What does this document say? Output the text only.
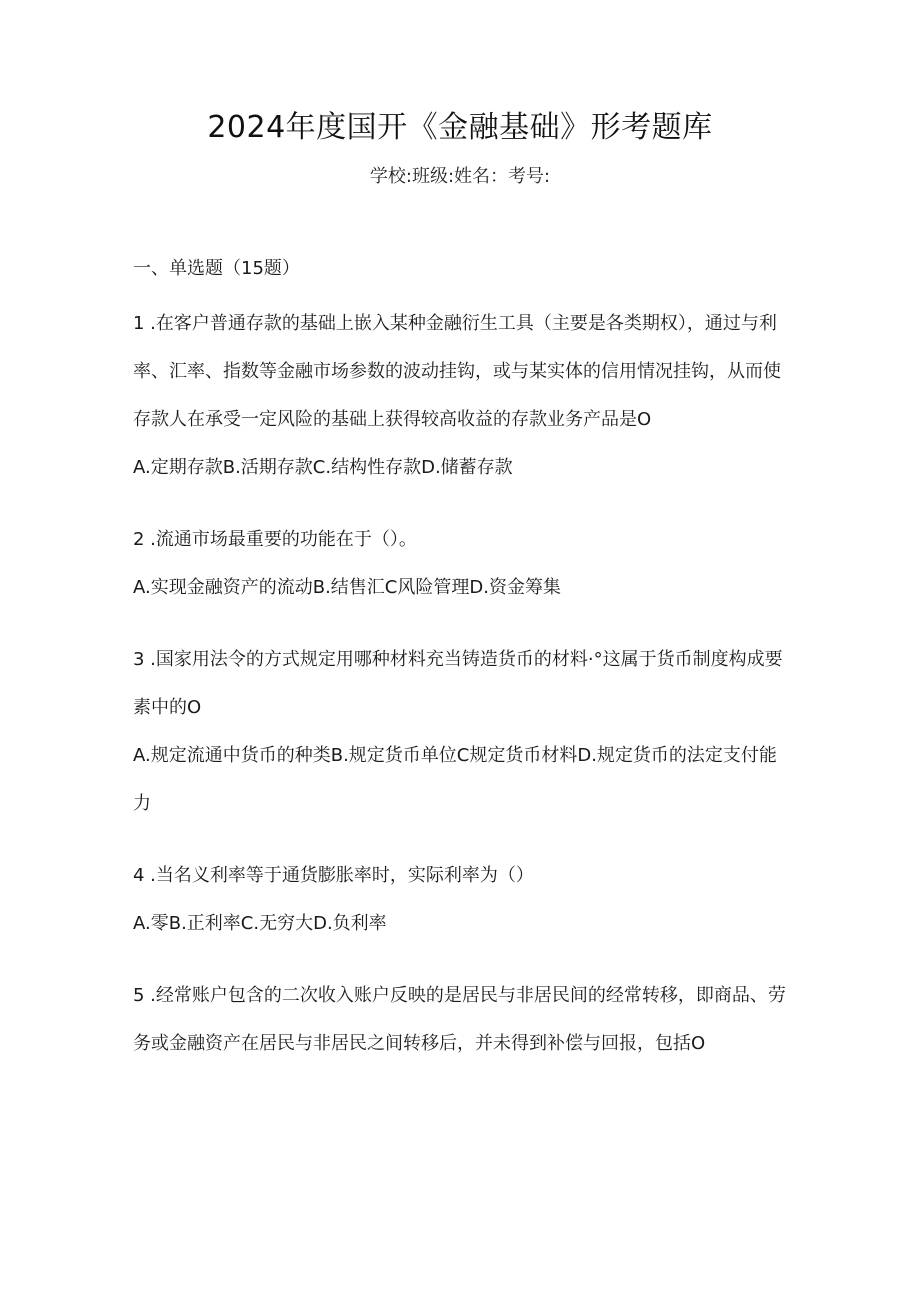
2024年度国开《金融基础》形考题库
学校:班级:姓名：考号:
一、单选题（15题）

1 .在客户普通存款的基础上嵌入某种金融衍生工具（主要是各类期权），通过与利率、汇率、指数等金融市场参数的波动挂钩，或与某实体的信用情况挂钩，从而使存款人在承受一定风险的基础上获得较高收益的存款业务产品是O

A.定期存款B.活期存款C.结构性存款D.储蓄存款

2 .流通市场最重要的功能在于（）。

A.实现金融资产的流动B.结售汇C风险管理D.资金筹集

3 .国家用法令的方式规定用哪种材料充当铸造货币的材料·°这属于货币制度构成要素中的O

A.规定流通中货币的种类B.规定货币单位C规定货币材料D.规定货币的法定支付能力

4 .当名义利率等于通货膨胀率时，实际利率为（）

A.零B.正利率C.无穷大D.负利率

5 .经常账户包含的二次收入账户反映的是居民与非居民间的经常转移，即商品、劳务或金融资产在居民与非居民之间转移后，并未得到补偿与回报，包括O
